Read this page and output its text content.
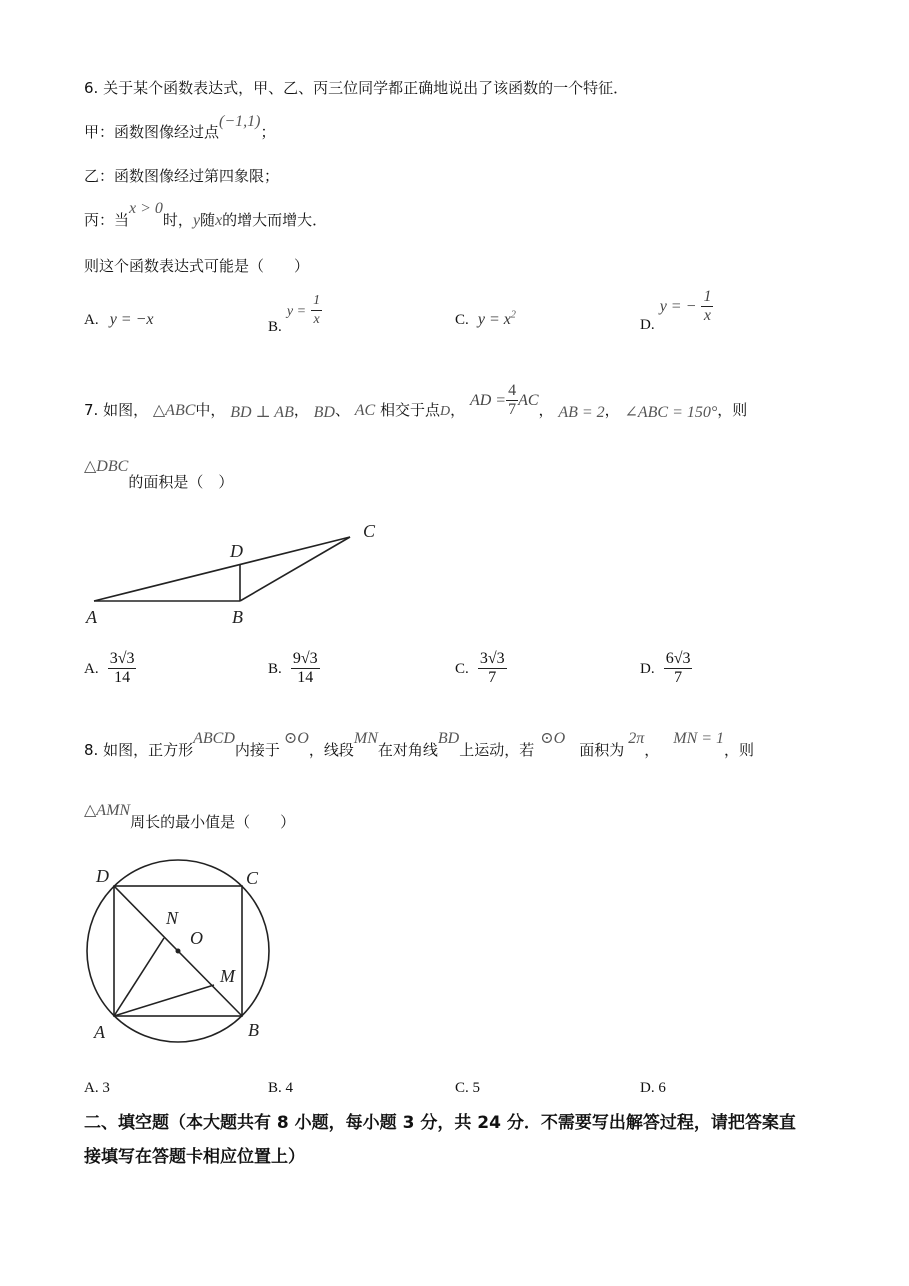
6. 关于某个函数表达式，甲、乙、丙三位同学都正确地说出了该函数的一个特征．
甲：函数图像经过点(−1,1)；
乙：函数图像经过第四象限；
丙：当x > 0时，y随x的增大而增大．
则这个函数表达式可能是（　　）
A. y = −x	B. $y = \frac{1}{x}$	C. $y = x^2$
D. y = − $\frac{1}{x}$
7. 如图， △ABC中， BD ⊥ AB， BD、 AC 相交于点D， AD = $\frac{4}{7}$ AC， AB = 2， ∠ABC = 150°，则
△DBC的面积是（　）
A	B
C
D
A. $\frac{3√3}{14}$	B. $\frac{9√3}{14}$	C. $\frac{3√3}{7}$	D. $\frac{6√3}{7}$
8. 如图，正方形ABCD内接于⊙O，线段MN在对角线BD上运动，若⊙O面积为2π，MN = 1，则
△AMN周长的最小值是（　　）
D	C
A	B
N
O
M
A. 3	B. 4	C. 5	D. 6
二、填空题（本大题共有 8 小题，每小题 3 分，共 24 分．不需要写出解答过程，请把答案直
接填写在答题卡相应位置上）
